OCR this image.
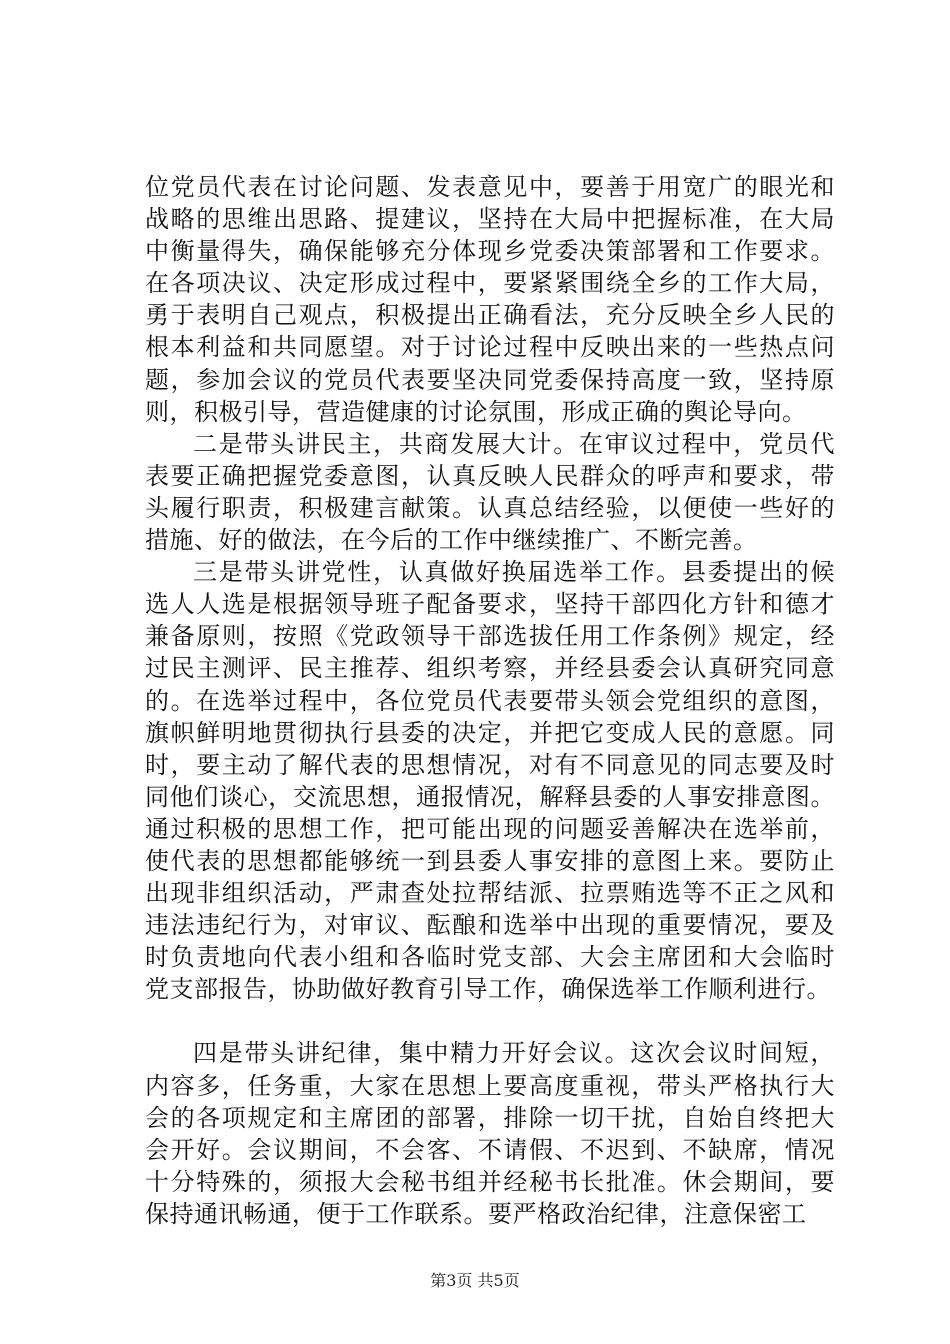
位党员代表在讨论问题、发表意见中，要善于用宽广的眼光和
战略的思维出思路、提建议，坚持在大局中把握标准，在大局
中衡量得失，确保能够充分体现乡党委决策部署和工作要求。
在各项决议、决定形成过程中，要紧紧围绕全乡的工作大局，
勇于表明自己观点，积极提出正确看法，充分反映全乡人民的
根本利益和共同愿望。对于讨论过程中反映出来的一些热点问
题，参加会议的党员代表要坚决同党委保持高度一致，坚持原
则，积极引导，营造健康的讨论氛围，形成正确的舆论导向。
二是带头讲民主，共商发展大计。在审议过程中，党员代
表要正确把握党委意图，认真反映人民群众的呼声和要求，带
头履行职责，积极建言献策。认真总结经验，以便使一些好的
措施、好的做法，在今后的工作中继续推广、不断完善。
三是带头讲党性，认真做好换届选举工作。县委提出的候
选人人选是根据领导班子配备要求，坚持干部四化方针和德才
兼备原则，按照《党政领导干部选拔任用工作条例》规定，经
过民主测评、民主推荐、组织考察，并经县委会认真研究同意
的。在选举过程中，各位党员代表要带头领会党组织的意图，
旗帜鲜明地贯彻执行县委的决定，并把它变成人民的意愿。同
时，要主动了解代表的思想情况，对有不同意见的同志要及时
同他们谈心，交流思想，通报情况，解释县委的人事安排意图。
通过积极的思想工作，把可能出现的问题妥善解决在选举前，
使代表的思想都能够统一到县委人事安排的意图上来。要防止
出现非组织活动，严肃查处拉帮结派、拉票贿选等不正之风和
违法违纪行为，对审议、酝酿和选举中出现的重要情况，要及
时负责地向代表小组和各临时党支部、大会主席团和大会临时
党支部报告，协助做好教育引导工作，确保选举工作顺利进行。
四是带头讲纪律，集中精力开好会议。这次会议时间短，
内容多，任务重，大家在思想上要高度重视，带头严格执行大
会的各项规定和主席团的部署，排除一切干扰，自始自终把大
会开好。会议期间，不会客、不请假、不迟到、不缺席，情况
十分特殊的，须报大会秘书组并经秘书长批准。休会期间，要
保持通讯畅通，便于工作联系。要严格政治纪律，注意保密工
第3页 共5页
